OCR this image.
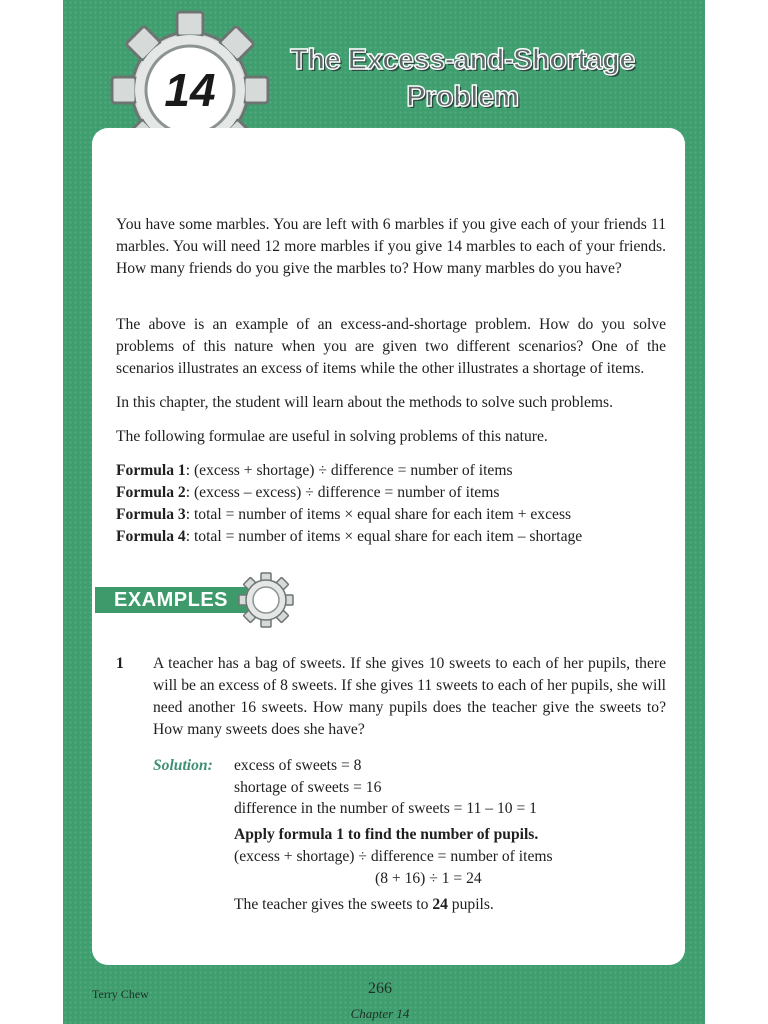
14
The Excess-and-Shortage
Problem

You have some marbles. You are left with 6 marbles if you give each of your friends 11 marbles. You will need 12 more marbles if you give 14 marbles to each of your friends. How many friends do you give the marbles to? How many marbles do you have?

The above is an example of an excess-and-shortage problem. How do you solve problems of this nature when you are given two different scenarios? One of the scenarios illustrates an excess of items while the other illustrates a shortage of items.

In this chapter, the student will learn about the methods to solve such problems.

The following formulae are useful in solving problems of this nature.

Formula 1: (excess + shortage) ÷ difference = number of items
Formula 2: (excess – excess) ÷ difference = number of items
Formula 3: total = number of items × equal share for each item + excess
Formula 4: total = number of items × equal share for each item – shortage
EXAMPLES
1 A teacher has a bag of sweets. If she gives 10 sweets to each of her pupils, there will be an excess of 8 sweets. If she gives 11 sweets to each of her pupils, she will need another 16 sweets. How many pupils does the teacher give the sweets to? How many sweets does she have?

Solution: excess of sweets = 8
shortage of sweets = 16
difference in the number of sweets = 11 – 10 = 1
Apply formula 1 to find the number of pupils.
(excess + shortage) ÷ difference = number of items
(8 + 16) ÷ 1 = 24
The teacher gives the sweets to 24 pupils.
Terry Chew	266
Chapter 14
